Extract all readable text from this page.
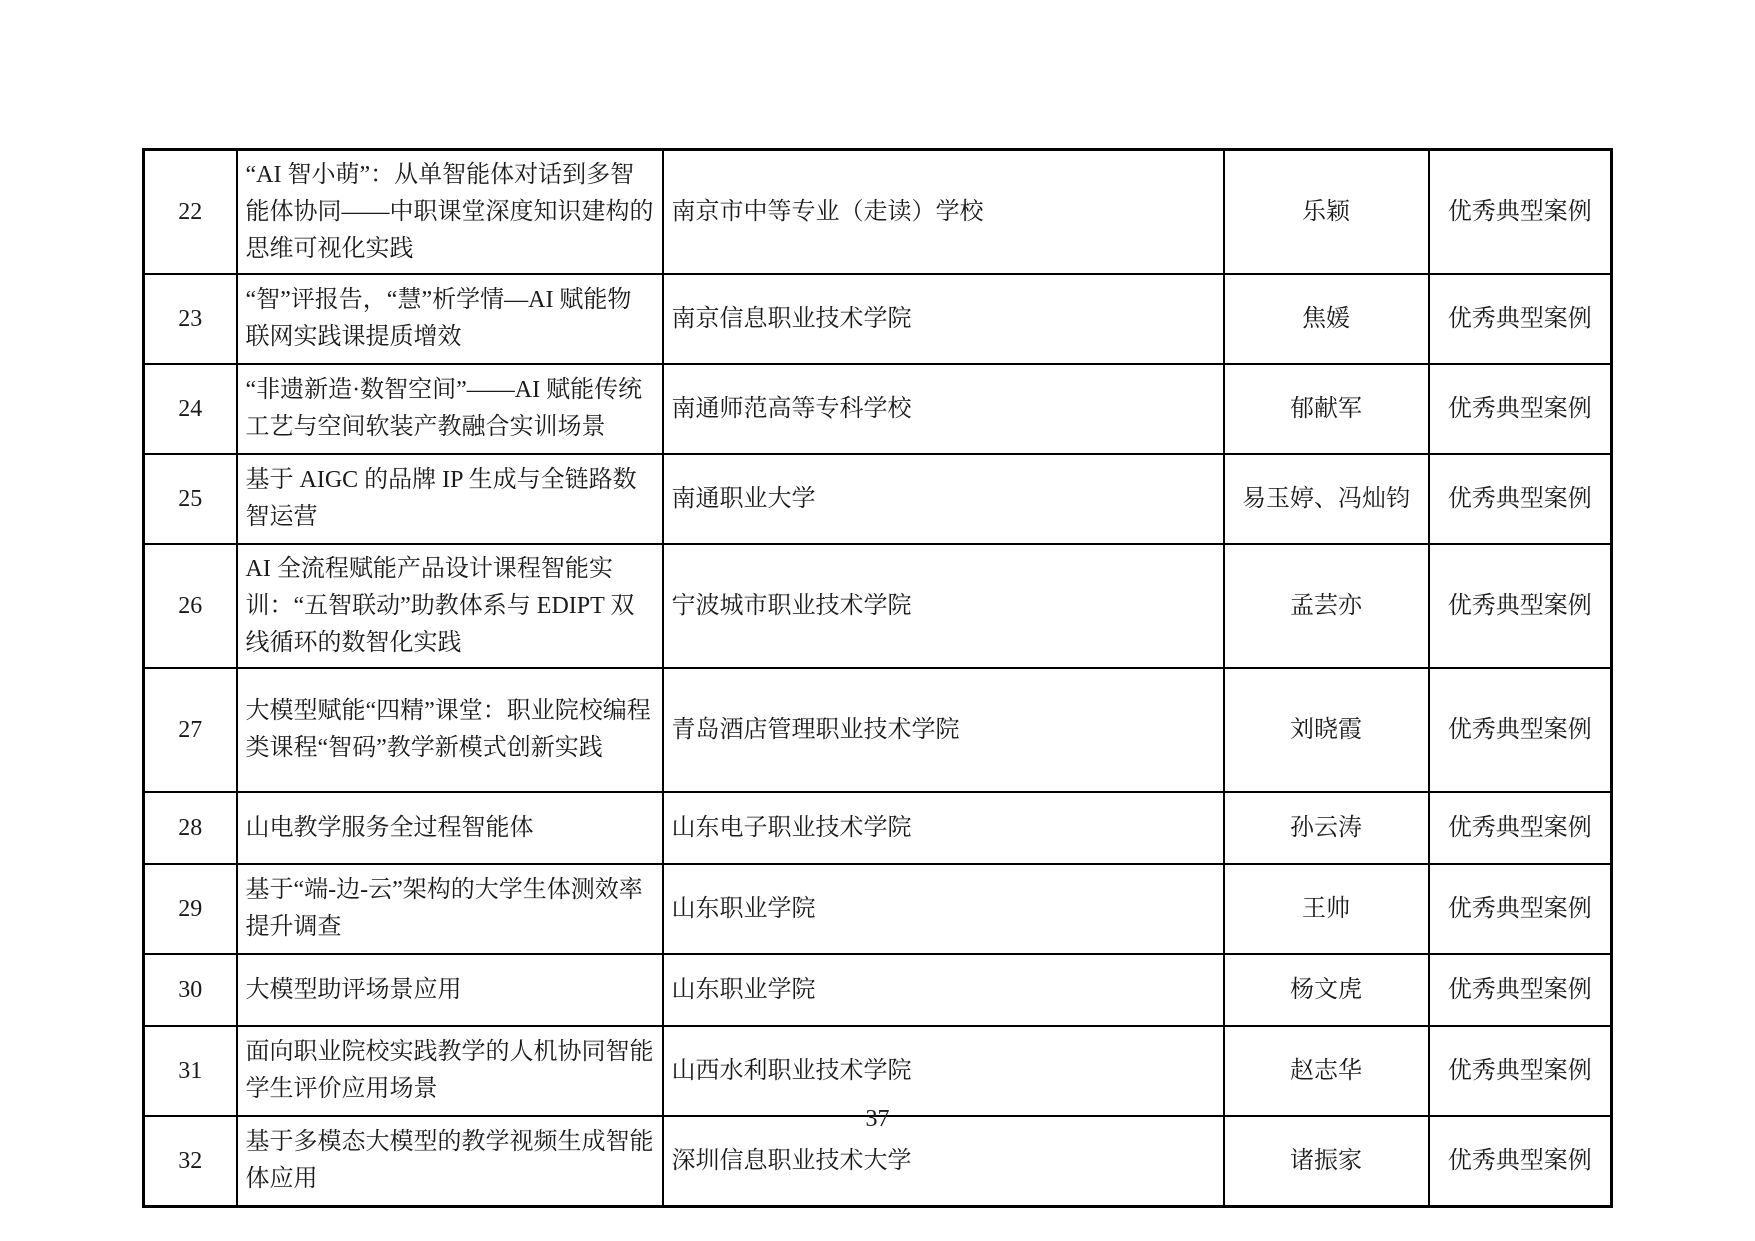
22	“AI 智小萌”：从单智能体对话到多智能体协同——中职课堂深度知识建构的思维可视化实践	南京市中等专业（走读）学校	乐颖	优秀典型案例
23	“智”评报告，“慧”析学情—AI 赋能物联网实践课提质增效	南京信息职业技术学院	焦媛	优秀典型案例
24	“非遗新造·数智空间”——AI 赋能传统工艺与空间软装产教融合实训场景	南通师范高等专科学校	郁献军	优秀典型案例
25	基于 AIGC 的品牌 IP 生成与全链路数智运营	南通职业大学	易玉婷、冯灿钧	优秀典型案例
26	AI 全流程赋能产品设计课程智能实训：“五智联动”助教体系与 EDIPT 双线循环的数智化实践	宁波城市职业技术学院	孟芸亦	优秀典型案例
27	大模型赋能“四精”课堂：职业院校编程类课程“智码”教学新模式创新实践	青岛酒店管理职业技术学院	刘晓霞	优秀典型案例
28	山电教学服务全过程智能体	山东电子职业技术学院	孙云涛	优秀典型案例
29	基于“端-边-云”架构的大学生体测效率提升调查	山东职业学院	王帅	优秀典型案例
30	大模型助评场景应用	山东职业学院	杨文虎	优秀典型案例
31	面向职业院校实践教学的人机协同智能学生评价应用场景	山西水利职业技术学院	赵志华	优秀典型案例
32	基于多模态大模型的教学视频生成智能体应用	深圳信息职业技术大学	诸振家	优秀典型案例
37
